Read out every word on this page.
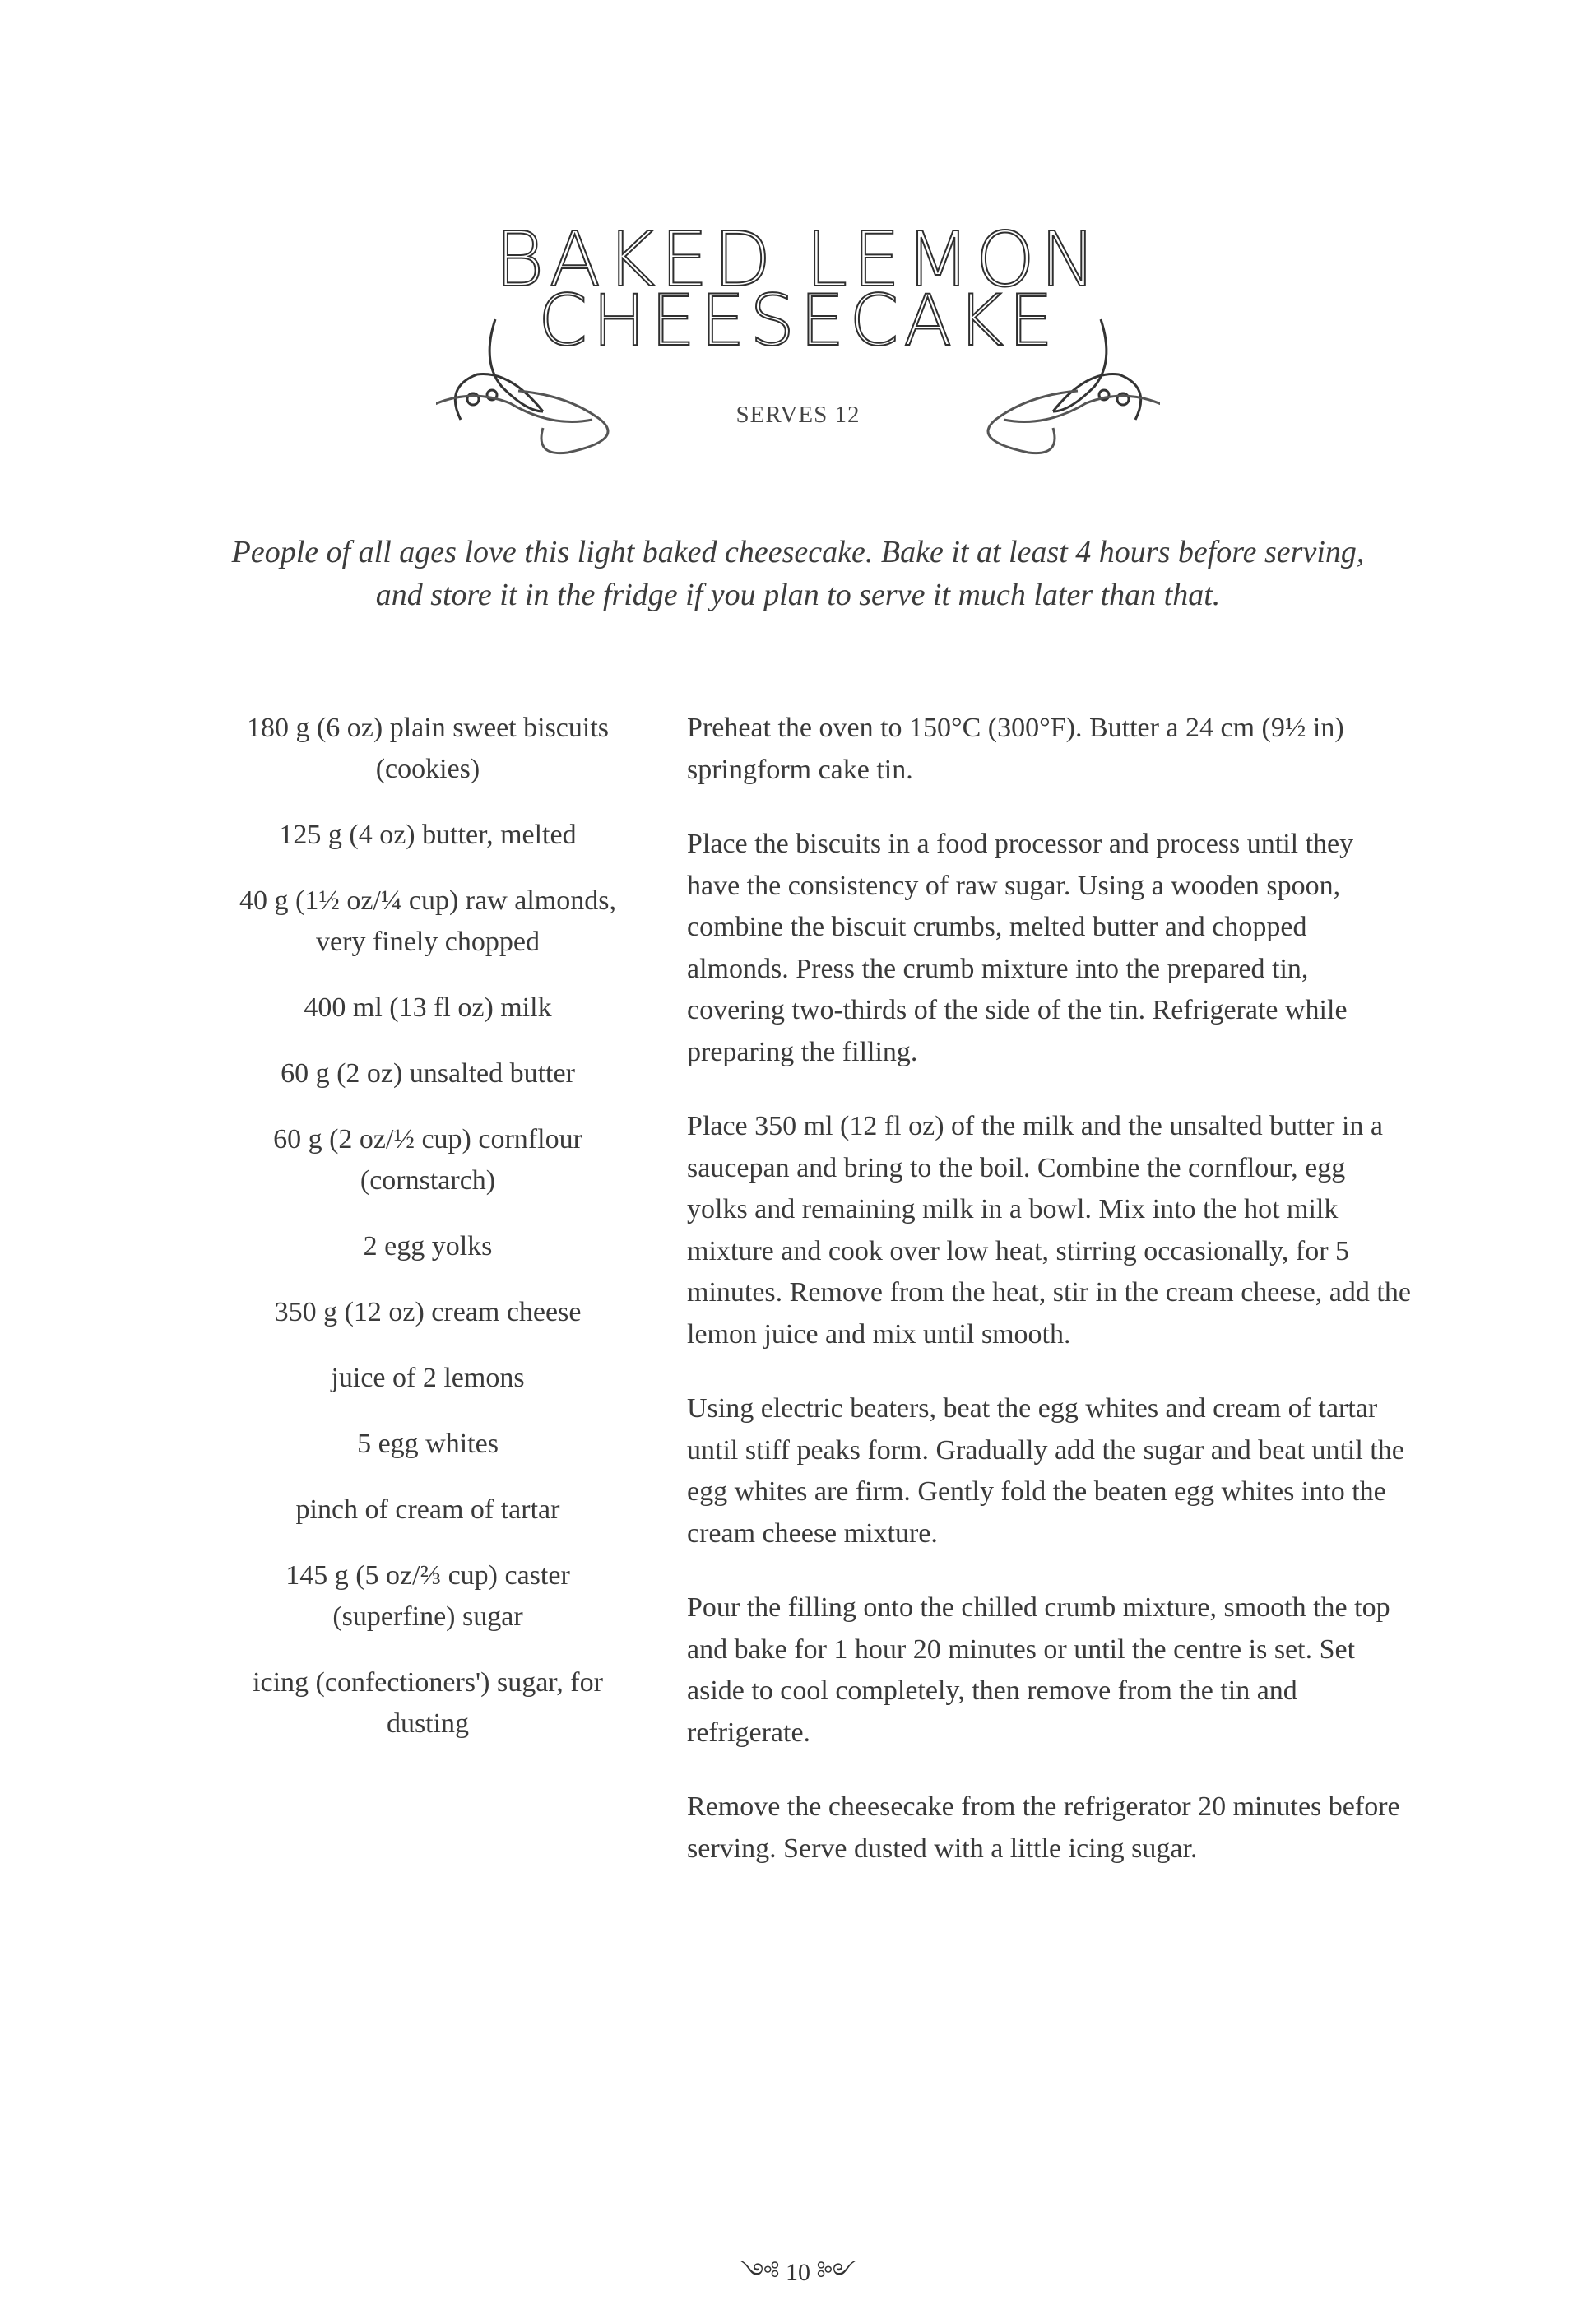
BAKED LEMON
CHEESECAKE
SERVES 12
People of all ages love this light baked cheesecake. Bake it at least 4 hours before serving,
and store it in the fridge if you plan to serve it much later than that.
180 g (6 oz) plain sweet biscuits (cookies)
125 g (4 oz) butter, melted
40 g (1½ oz/¼ cup) raw almonds, very finely chopped
400 ml (13 fl oz) milk
60 g (2 oz) unsalted butter
60 g (2 oz/½ cup) cornflour (cornstarch)
2 egg yolks
350 g (12 oz) cream cheese
juice of 2 lemons
5 egg whites
pinch of cream of tartar
145 g (5 oz/⅔ cup) caster (superfine) sugar
icing (confectioners') sugar, for dusting

Preheat the oven to 150°C (300°F). Butter a 24 cm (9½ in) springform cake tin.

Place the biscuits in a food processor and process until they have the consistency of raw sugar. Using a wooden spoon, combine the biscuit crumbs, melted butter and chopped almonds. Press the crumb mixture into the prepared tin, covering two-thirds of the side of the tin. Refrigerate while preparing the filling.

Place 350 ml (12 fl oz) of the milk and the unsalted butter in a saucepan and bring to the boil. Combine the cornflour, egg yolks and remaining milk in a bowl. Mix into the hot milk mixture and cook over low heat, stirring occasionally, for 5 minutes. Remove from the heat, stir in the cream cheese, add the lemon juice and mix until smooth.

Using electric beaters, beat the egg whites and cream of tartar until stiff peaks form. Gradually add the sugar and beat until the egg whites are firm. Gently fold the beaten egg whites into the cream cheese mixture.

Pour the filling onto the chilled crumb mixture, smooth the top and bake for 1 hour 20 minutes or until the centre is set. Set aside to cool completely, then remove from the tin and refrigerate.

Remove the cheesecake from the refrigerator 20 minutes before serving. Serve dusted with a little icing sugar.

༺ 10 ༻
